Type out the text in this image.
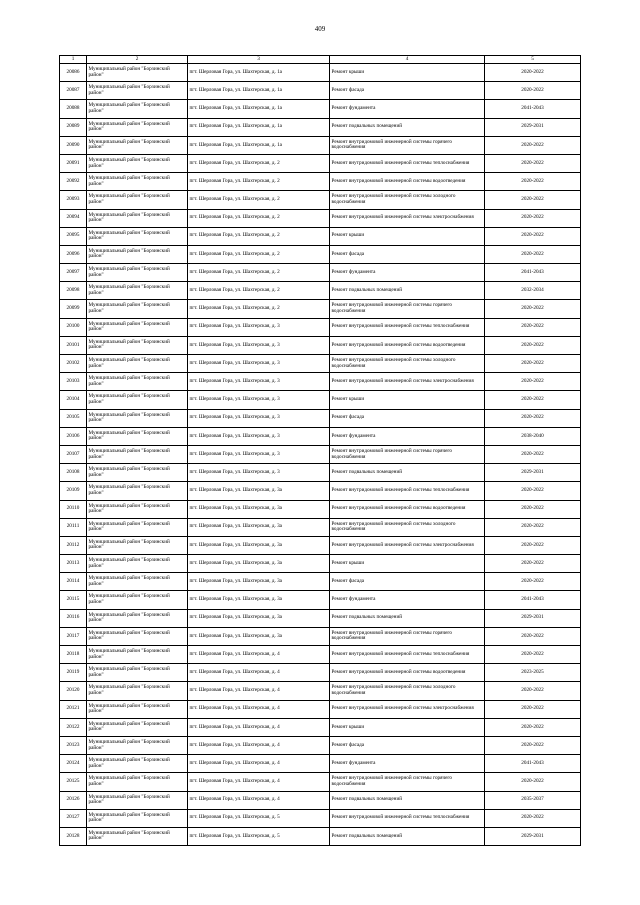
409
1	2	3	4	5
20086	Муниципальный район "Борзинский район"	пгт. Шерловая Гора, ул. Шахтерская, д. 1а	Ремонт крыши	2020-2022
20087	Муниципальный район "Борзинский район"	пгт. Шерловая Гора, ул. Шахтерская, д. 1а	Ремонт фасада	2020-2022
20088	Муниципальный район "Борзинский район"	пгт. Шерловая Гора, ул. Шахтерская, д. 1а	Ремонт фундамента	2041-2043
20089	Муниципальный район "Борзинский район"	пгт. Шерловая Гора, ул. Шахтерская, д. 1а	Ремонт подвальных помещений	2029-2031
20090	Муниципальный район "Борзинский район"	пгт. Шерловая Гора, ул. Шахтерская, д. 1а	Ремонт внутридомовой инженерной системы горячего водоснабжения	2020-2022
20091	Муниципальный район "Борзинский район"	пгт. Шерловая Гора, ул. Шахтерская, д. 2	Ремонт внутридомовой инженерной системы теплоснабжения	2020-2022
20092	Муниципальный район "Борзинский район"	пгт. Шерловая Гора, ул. Шахтерская, д. 2	Ремонт внутридомовой инженерной системы водоотведения	2020-2022
20093	Муниципальный район "Борзинский район"	пгт. Шерловая Гора, ул. Шахтерская, д. 2	Ремонт внутридомовой инженерной системы холодного водоснабжения	2020-2022
20094	Муниципальный район "Борзинский район"	пгт. Шерловая Гора, ул. Шахтерская, д. 2	Ремонт внутридомовой инженерной системы электроснабжения	2020-2022
20095	Муниципальный район "Борзинский район"	пгт. Шерловая Гора, ул. Шахтерская, д. 2	Ремонт крыши	2020-2022
20096	Муниципальный район "Борзинский район"	пгт. Шерловая Гора, ул. Шахтерская, д. 2	Ремонт фасада	2020-2022
20097	Муниципальный район "Борзинский район"	пгт. Шерловая Гора, ул. Шахтерская, д. 2	Ремонт фундамента	2041-2043
20098	Муниципальный район "Борзинский район"	пгт. Шерловая Гора, ул. Шахтерская, д. 2	Ремонт подвальных помещений	2032-2034
20099	Муниципальный район "Борзинский район"	пгт. Шерловая Гора, ул. Шахтерская, д. 2	Ремонт внутридомовой инженерной системы горячего водоснабжения	2020-2022
20100	Муниципальный район "Борзинский район"	пгт. Шерловая Гора, ул. Шахтерская, д. 3	Ремонт внутридомовой инженерной системы теплоснабжения	2020-2022
20101	Муниципальный район "Борзинский район"	пгт. Шерловая Гора, ул. Шахтерская, д. 3	Ремонт внутридомовой инженерной системы водоотведения	2020-2022
20102	Муниципальный район "Борзинский район"	пгт. Шерловая Гора, ул. Шахтерская, д. 3	Ремонт внутридомовой инженерной системы холодного водоснабжения	2020-2022
20103	Муниципальный район "Борзинский район"	пгт. Шерловая Гора, ул. Шахтерская, д. 3	Ремонт внутридомовой инженерной системы электроснабжения	2020-2022
20104	Муниципальный район "Борзинский район"	пгт. Шерловая Гора, ул. Шахтерская, д. 3	Ремонт крыши	2020-2022
20105	Муниципальный район "Борзинский район"	пгт. Шерловая Гора, ул. Шахтерская, д. 3	Ремонт фасада	2020-2022
20106	Муниципальный район "Борзинский район"	пгт. Шерловая Гора, ул. Шахтерская, д. 3	Ремонт фундамента	2038-2040
20107	Муниципальный район "Борзинский район"	пгт. Шерловая Гора, ул. Шахтерская, д. 3	Ремонт внутридомовой инженерной системы горячего водоснабжения	2020-2022
20108	Муниципальный район "Борзинский район"	пгт. Шерловая Гора, ул. Шахтерская, д. 3	Ремонт подвальных помещений	2029-2031
20109	Муниципальный район "Борзинский район"	пгт. Шерловая Гора, ул. Шахтерская, д. 3а	Ремонт внутридомовой инженерной системы теплоснабжения	2020-2022
20110	Муниципальный район "Борзинский район"	пгт. Шерловая Гора, ул. Шахтерская, д. 3а	Ремонт внутридомовой инженерной системы водоотведения	2020-2022
20111	Муниципальный район "Борзинский район"	пгт. Шерловая Гора, ул. Шахтерская, д. 3а	Ремонт внутридомовой инженерной системы холодного водоснабжения	2020-2022
20112	Муниципальный район "Борзинский район"	пгт. Шерловая Гора, ул. Шахтерская, д. 3а	Ремонт внутридомовой инженерной системы электроснабжения	2020-2022
20113	Муниципальный район "Борзинский район"	пгт. Шерловая Гора, ул. Шахтерская, д. 3а	Ремонт крыши	2020-2022
20114	Муниципальный район "Борзинский район"	пгт. Шерловая Гора, ул. Шахтерская, д. 3а	Ремонт фасада	2020-2022
20115	Муниципальный район "Борзинский район"	пгт. Шерловая Гора, ул. Шахтерская, д. 3а	Ремонт фундамента	2041-2043
20116	Муниципальный район "Борзинский район"	пгт. Шерловая Гора, ул. Шахтерская, д. 3а	Ремонт подвальных помещений	2029-2031
20117	Муниципальный район "Борзинский район"	пгт. Шерловая Гора, ул. Шахтерская, д. 3а	Ремонт внутридомовой инженерной системы горячего водоснабжения	2020-2022
20118	Муниципальный район "Борзинский район"	пгт. Шерловая Гора, ул. Шахтерская, д. 4	Ремонт внутридомовой инженерной системы теплоснабжения	2020-2022
20119	Муниципальный район "Борзинский район"	пгт. Шерловая Гора, ул. Шахтерская, д. 4	Ремонт внутридомовой инженерной системы водоотведения	2023-2025
20120	Муниципальный район "Борзинский район"	пгт. Шерловая Гора, ул. Шахтерская, д. 4	Ремонт внутридомовой инженерной системы холодного водоснабжения	2020-2022
20121	Муниципальный район "Борзинский район"	пгт. Шерловая Гора, ул. Шахтерская, д. 4	Ремонт внутридомовой инженерной системы электроснабжения	2020-2022
20122	Муниципальный район "Борзинский район"	пгт. Шерловая Гора, ул. Шахтерская, д. 4	Ремонт крыши	2020-2022
20123	Муниципальный район "Борзинский район"	пгт. Шерловая Гора, ул. Шахтерская, д. 4	Ремонт фасада	2020-2022
20124	Муниципальный район "Борзинский район"	пгт. Шерловая Гора, ул. Шахтерская, д. 4	Ремонт фундамента	2041-2043
20125	Муниципальный район "Борзинский район"	пгт. Шерловая Гора, ул. Шахтерская, д. 4	Ремонт внутридомовой инженерной системы горячего водоснабжения	2020-2022
20126	Муниципальный район "Борзинский район"	пгт. Шерловая Гора, ул. Шахтерская, д. 4	Ремонт подвальных помещений	2035-2037
20127	Муниципальный район "Борзинский район"	пгт. Шерловая Гора, ул. Шахтерская, д. 5	Ремонт внутридомовой инженерной системы теплоснабжения	2020-2022
20128	Муниципальный район "Борзинский район"	пгт. Шерловая Гора, ул. Шахтерская, д. 5	Ремонт подвальных помещений	2029-2031
